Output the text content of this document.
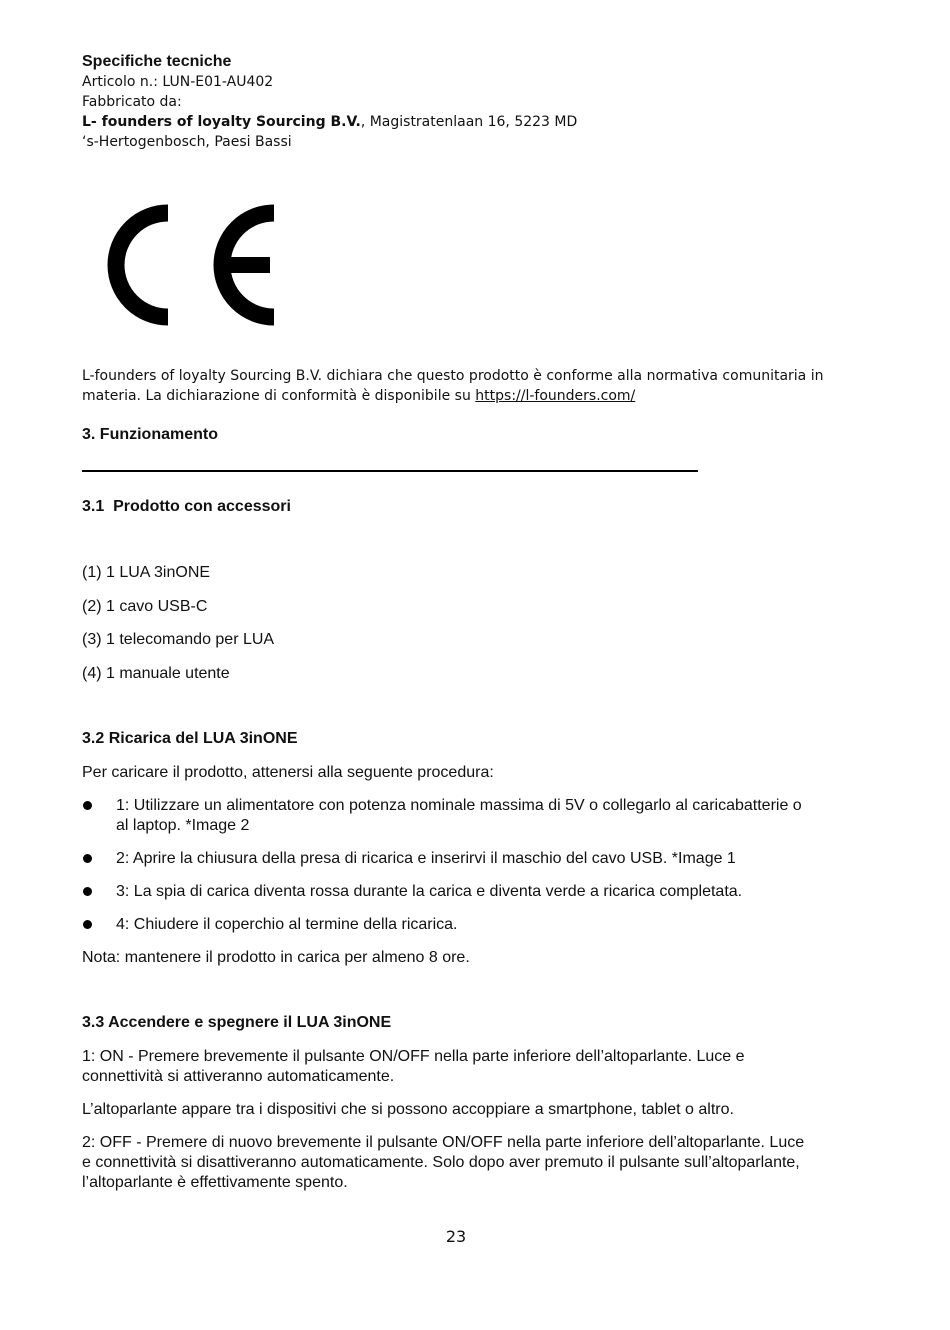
Specifiche tecniche
Articolo n.: LUN-E01-AU402
Fabbricato da:
L- founders of loyalty Sourcing B.V., Magistratenlaan 16, 5223 MD
‘s-Hertogenbosch, Paesi Bassi
L-founders of loyalty Sourcing B.V. dichiara che questo prodotto è conforme alla normativa comunitaria in
materia. La dichiarazione di conformità è disponibile su https://l-founders.com/
3. Funzionamento
3.1  Prodotto con accessori
(1) 1 LUA 3inONE
(2) 1 cavo USB-C
(3) 1 telecomando per LUA
(4) 1 manuale utente
3.2 Ricarica del LUA 3inONE
Per caricare il prodotto, attenersi alla seguente procedura:
1: Utilizzare un alimentatore con potenza nominale massima di 5V o collegarlo al caricabatterie o
al laptop. *Image 2
2: Aprire la chiusura della presa di ricarica e inserirvi il maschio del cavo USB. *Image 1
3: La spia di carica diventa rossa durante la carica e diventa verde a ricarica completata.
4: Chiudere il coperchio al termine della ricarica.
Nota: mantenere il prodotto in carica per almeno 8 ore.
3.3 Accendere e spegnere il LUA 3inONE
1: ON - Premere brevemente il pulsante ON/OFF nella parte inferiore dell’altoparlante. Luce e
connettività si attiveranno automaticamente.
L’altoparlante appare tra i dispositivi che si possono accoppiare a smartphone, tablet o altro.
2: OFF - Premere di nuovo brevemente il pulsante ON/OFF nella parte inferiore dell’altoparlante. Luce
e connettività si disattiveranno automaticamente. Solo dopo aver premuto il pulsante sull’altoparlante,
l’altoparlante è effettivamente spento.
23
